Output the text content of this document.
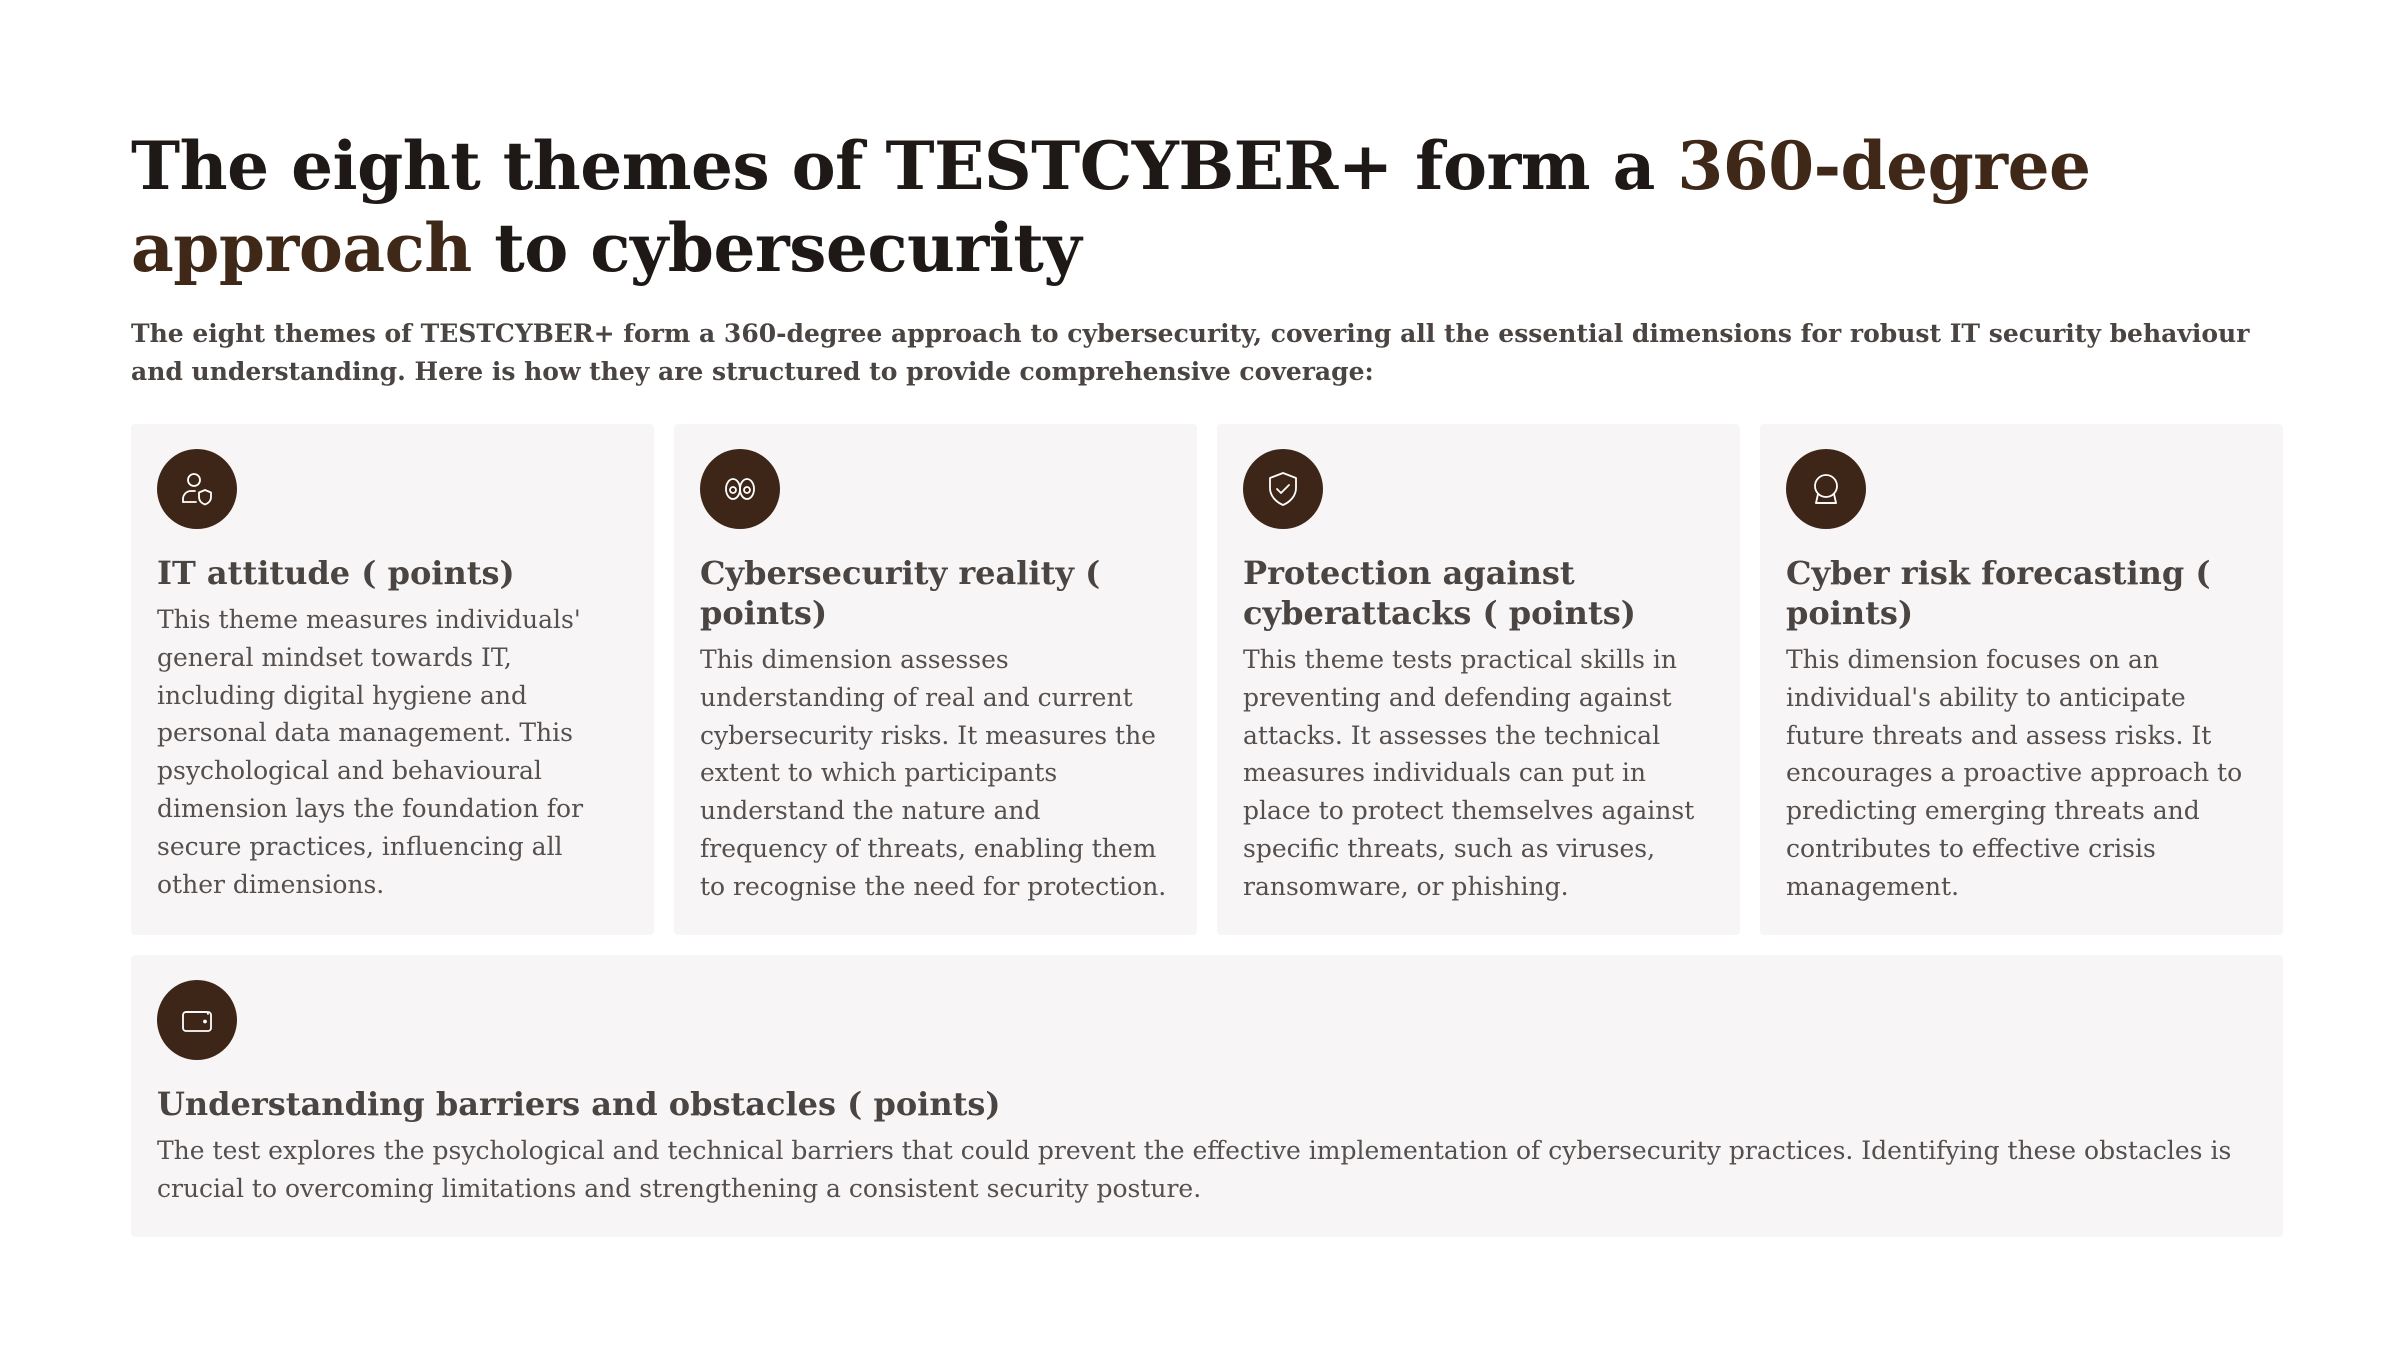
The eight themes of TESTCYBER+ form a 360-degree approach to cybersecurity

The eight themes of TESTCYBER+ form a 360-degree approach to cybersecurity, covering all the essential dimensions for robust IT security behaviour and understanding. Here is how they are structured to provide comprehensive coverage:

IT attitude ( points)

This theme measures individuals' general mindset towards IT, including digital hygiene and personal data management. This psychological and behavioural dimension lays the foundation for secure practices, influencing all other dimensions.

Cybersecurity reality ( points)

This dimension assesses understanding of real and current cybersecurity risks. It measures the extent to which participants understand the nature and frequency of threats, enabling them to recognise the need for protection.

Protection against cyberattacks ( points)

This theme tests practical skills in preventing and defending against attacks. It assesses the technical measures individuals can put in place to protect themselves against specific threats, such as viruses, ransomware, or phishing.

Cyber risk forecasting ( points)

This dimension focuses on an individual's ability to anticipate future threats and assess risks. It encourages a proactive approach to predicting emerging threats and contributes to effective crisis management.

Understanding barriers and obstacles ( points)

The test explores the psychological and technical barriers that could prevent the effective implementation of cybersecurity practices. Identifying these obstacles is crucial to overcoming limitations and strengthening a consistent security posture.
